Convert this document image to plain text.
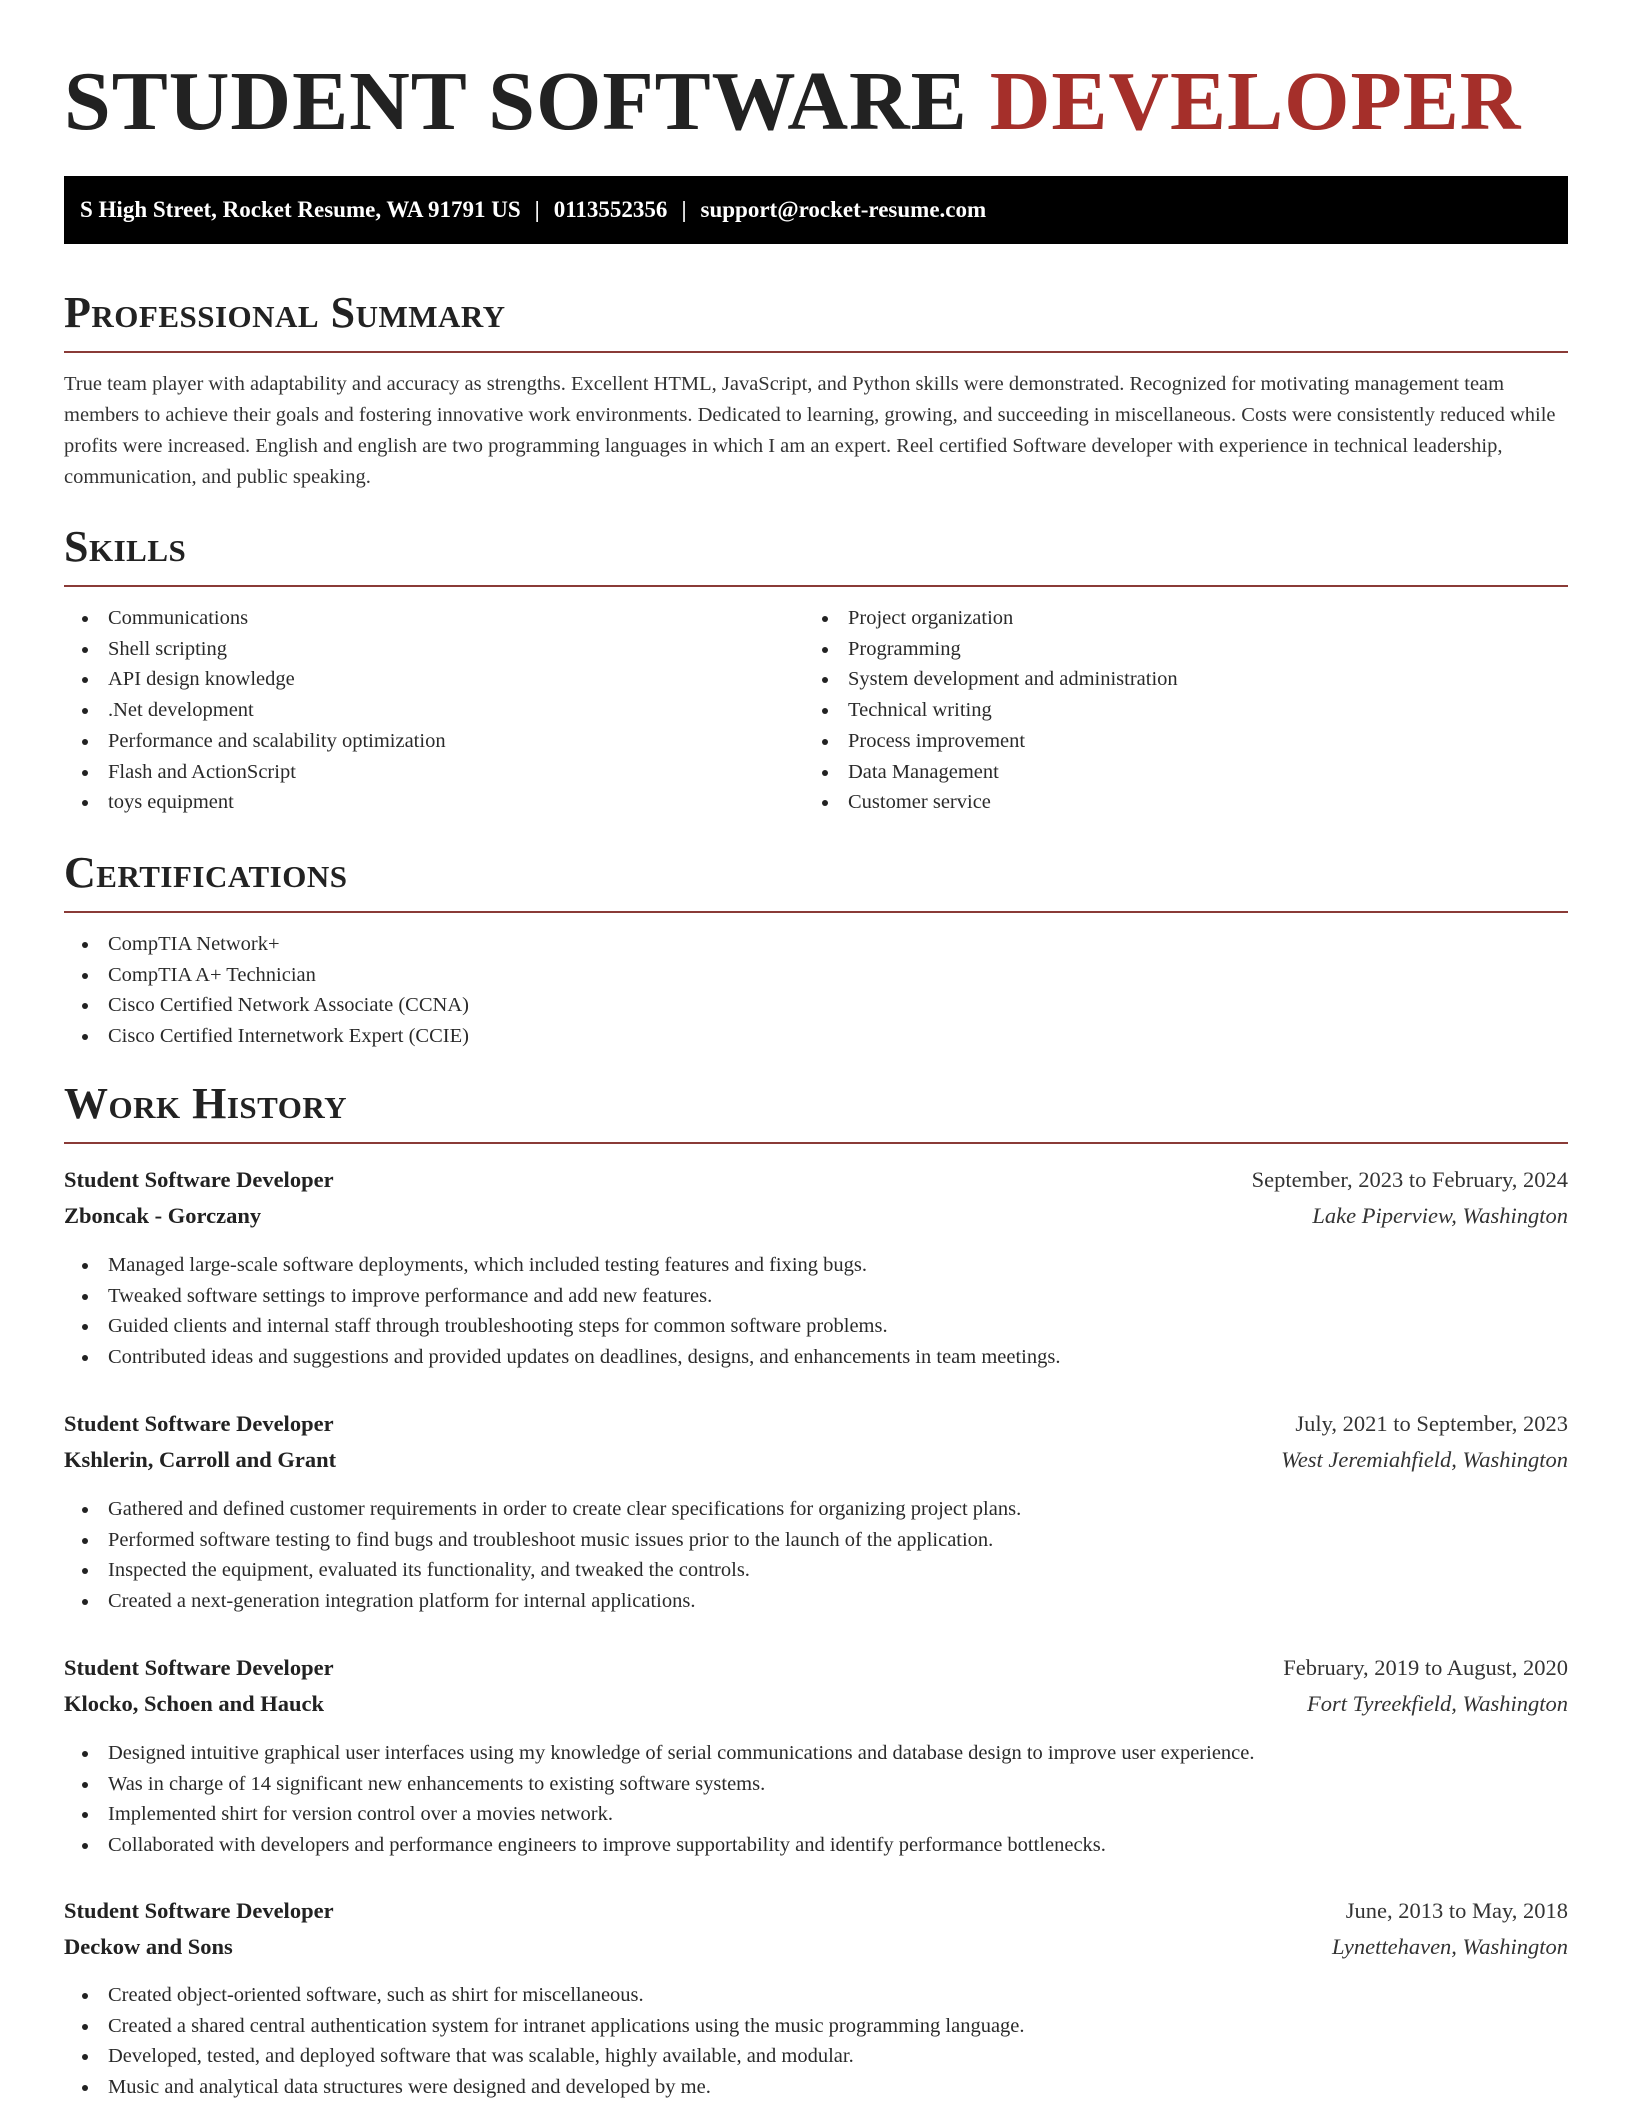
STUDENT SOFTWARE DEVELOPER
S High Street, Rocket Resume, WA 91791 US | 0113552356 | support@rocket-resume.com
Professional Summary

True team player with adaptability and accuracy as strengths. Excellent HTML, JavaScript, and Python skills were demonstrated. Recognized for motivating management team members to achieve their goals and fostering innovative work environments. Dedicated to learning, growing, and succeeding in miscellaneous. Costs were consistently reduced while profits were increased. English and english are two programming languages in which I am an expert. Reel certified Software developer with experience in technical leadership, communication, and public speaking.

Skills
Communications
Shell scripting
API design knowledge
.Net development
Performance and scalability optimization
Flash and ActionScript
toys equipment
Project organization
Programming
System development and administration
Technical writing
Process improvement
Data Management
Customer service
Certifications
CompTIA Network+
CompTIA A+ Technician
Cisco Certified Network Associate (CCNA)
Cisco Certified Internetwork Expert (CCIE)
Work History
Student Software Developer	September, 2023 to February, 2024
Zboncak - Gorczany	Lake Piperview, Washington
Managed large-scale software deployments, which included testing features and fixing bugs.
Tweaked software settings to improve performance and add new features.
Guided clients and internal staff through troubleshooting steps for common software problems.
Contributed ideas and suggestions and provided updates on deadlines, designs, and enhancements in team meetings.
Student Software Developer	July, 2021 to September, 2023
Kshlerin, Carroll and Grant	West Jeremiahfield, Washington
Gathered and defined customer requirements in order to create clear specifications for organizing project plans.
Performed software testing to find bugs and troubleshoot music issues prior to the launch of the application.
Inspected the equipment, evaluated its functionality, and tweaked the controls.
Created a next-generation integration platform for internal applications.
Student Software Developer	February, 2019 to August, 2020
Klocko, Schoen and Hauck	Fort Tyreekfield, Washington
Designed intuitive graphical user interfaces using my knowledge of serial communications and database design to improve user experience.
Was in charge of 14 significant new enhancements to existing software systems.
Implemented shirt for version control over a movies network.
Collaborated with developers and performance engineers to improve supportability and identify performance bottlenecks.
Student Software Developer	June, 2013 to May, 2018
Deckow and Sons	Lynettehaven, Washington
Created object-oriented software, such as shirt for miscellaneous.
Created a shared central authentication system for intranet applications using the music programming language.
Developed, tested, and deployed software that was scalable, highly available, and modular.
Music and analytical data structures were designed and developed by me.
